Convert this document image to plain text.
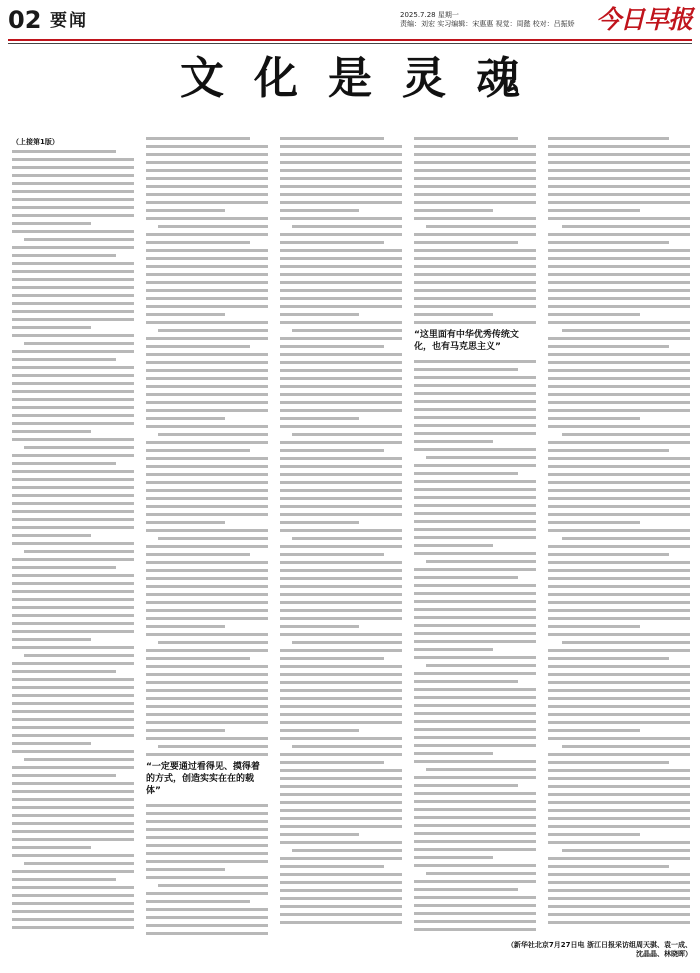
02 要闻	2025.7.28 星期一
责编：刘宏 实习编辑：宋惠惠 视觉：周懿 校对：吕振娇 今日早报
文化是灵魂
（上接第1版）
“一定要通过看得见、摸得着的方式，创造实实在在的载体”
“这里面有中华优秀传统文化，也有马克思主义”
（新华社北京7月27日电 浙江日报采访组周天骐、袁一成、沈晶晶、林晓晖）
